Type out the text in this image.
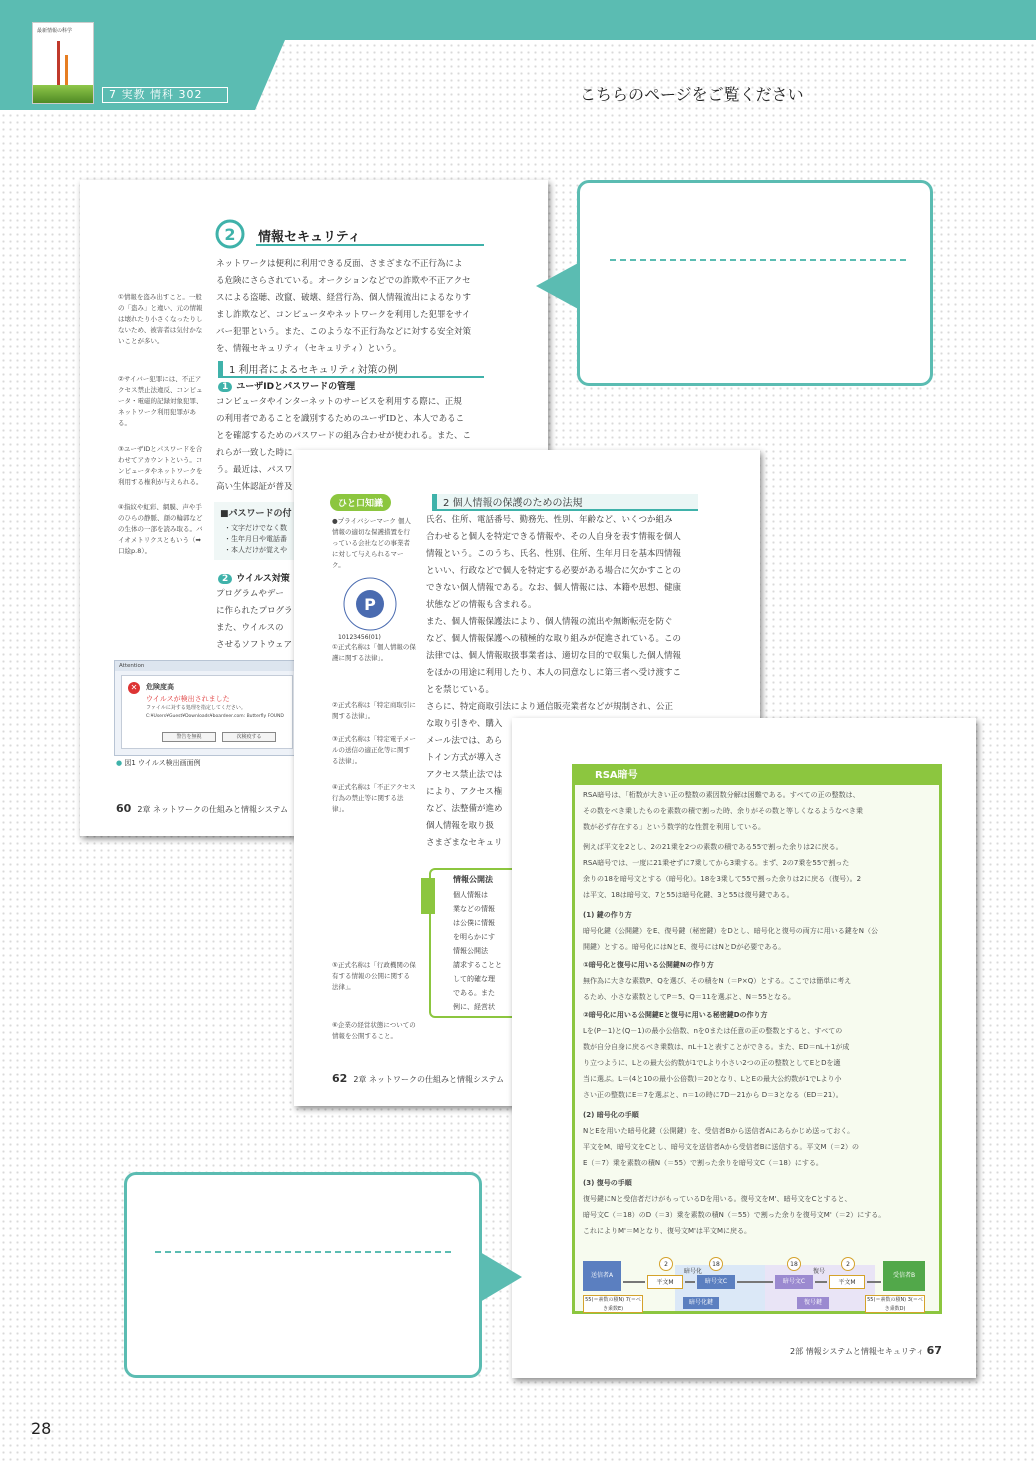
最新情報の科学
7 実教 情科 302	こちらのページをご覧ください
2 情報セキュリティ
ネットワークは便利に利用できる反面、さまざまな不正行為によ
る危険にさらされている。オークションなどでの詐欺や不正アクセ
スによる盗聴、改竄、破壊、経営行為、個人情報流出によるなりす
まし詐欺など、コンピュータやネットワークを利用した犯罪をサイ
バー犯罪という。また、このような不正行為などに対する安全対策
を、情報セキュリティ（セキュリティ）という。
1 利用者によるセキュリティ対策の例
1 ユーザIDとパスワードの管理
コンピュータやインターネットのサービスを利用する際に、正規
の利用者であることを識別するためのユーザIDと、本人であるこ
とを確認するためのパスワードの組み合わせが使われる。また、こ
れらが一致した時に
う。最近は、パスワ
高い生体認証が普及
■パスワードの付
・文字だけでなく数
・生年月日や電話番
・本人だけが覚えや
2 ウイルス対策
プログラムやデー
に作られたプログラ
また、ウイルスの
させるソフトウェア
①情報を盗み出すこと。一般の「盗み」と違い、元の情報は壊れたり小さくなったりしないため、被害者は気付かないことが多い。
②サイバー犯罪には、不正アクセス禁止法違反、コンピュータ・電磁的記録対象犯罪、ネットワーク利用犯罪がある。
③ユーザIDとパスワードを合わせてアカウントという。コンピュータやネットワークを利用する権利が与えられる。
④指紋や虹彩、網膜、声や手のひらの静脈、顔の輪郭などの生体の一部を読み取る。バイオメトリクスともいう（➡口絵p.8）。
Attention
✕	危険度高
ウイルスが検出されました
ファイルに対する処理を指定してください。
C:¥Users¥Guest¥Downloads¥boardeer.com: Butterfly FOUND
警告を無視	次検疫する
● 図1 ウイルス検出画面例
60 2章 ネットワークの仕組みと情報システム
ひと口知識
●プライバシーマーク 個人情報の適切な保護措置を行っている会社などの事業者に対して与えられるマーク。
P
10123456(01)
2 個人情報の保護のための法規
氏名、住所、電話番号、勤務先、性別、年齢など、いくつか組み
合わせると個人を特定できる情報や、その人自身を表す情報を個人
情報という。このうち、氏名、性別、住所、生年月日を基本四情報
といい、行政などで個人を特定する必要がある場合に欠かすことの
できない個人情報である。なお、個人情報には、本籍や思想、健康
状態などの情報も含まれる。
また、個人情報保護法により、個人情報の流出や無断転売を防ぐ
など、個人情報保護への積極的な取り組みが促進されている。この
法律では、個人情報取扱事業者は、適切な目的で収集した個人情報
をほかの用途に利用したり、本人の同意なしに第三者へ受け渡すこ
とを禁じている。
さらに、特定商取引法により通信販売業者などが規制され、公正
な取り引きや、購入
メール法では、あら
トイン方式が導入さ
アクセス禁止法では
により、アクセス権
など、法整備が進め
個人情報を取り扱
さまざまなセキュリ
①正式名称は「個人情報の保護に関する法律」。
②正式名称は「特定商取引に関する法律」。
③正式名称は「特定電子メールの送信の適正化等に関する法律」。
④正式名称は「不正アクセス行為の禁止等に関する法律」。
⑤正式名称は「行政機関の保有する情報の公開に関する法律」。
⑥企業の経営状態についての情報を公開すること。
情報公開法
個人情報は
業などの情報
は公僕に情報
を明らかにす
情報公開法
請求することと
して的確な理
である。また
例に、経営状
62 2章 ネットワークの仕組みと情報システム
RSA暗号
RSA暗号は、「桁数が大きい正の整数の素因数分解は困難である。すべての正の整数は、
その数をべき乗したものを素数の積で割った時、余りがその数と等しくなるようなべき乗
数が必ず存在する」という数学的な性質を利用している。
例えば平文を2とし、2の21乗を2つの素数の積である55で割った余りは2に戻る。
RSA暗号では、一度に21乗せずに7乗してから3乗する。まず、2の7乗を55で割った
余りの18を暗号文とする（暗号化）。18を3乗して55で割った余りは2に戻る（復号）。2
は平文、18は暗号文、7と55は暗号化鍵、3と55は復号鍵である。
(1) 鍵の作り方
暗号化鍵（公開鍵）をE、復号鍵（秘密鍵）をDとし、暗号化と復号の両方に用いる鍵をN（公
開鍵）とする。暗号化にはNとE、復号にはNとDが必要である。
①暗号化と復号に用いる公開鍵Nの作り方
無作為に大きな素数P、Qを選び、その積をN（＝P×Q）とする。ここでは簡単に考え
るため、小さな素数としてP＝5、Q＝11を選ぶと、N＝55となる。
②暗号化に用いる公開鍵Eと復号に用いる秘密鍵Dの作り方
Lを(P－1)と(Q－1)の最小公倍数、nを0または任意の正の整数とすると、すべての
数が自分自身に戻るべき乗数は、nL＋1と表すことができる。また、ED＝nL＋1が成
り立つように、Lとの最大公約数が1でLより小さい2つの正の整数としてEとDを適
当に選ぶ。L＝(4と10の最小公倍数)＝20となり、LとEの最大公約数が1でLより小
さい正の整数にE＝7を選ぶと、n＝1の時に7D－21から D＝3となる（ED＝21）。
(2) 暗号化の手順
NとEを用いた暗号化鍵（公開鍵）を、受信者Bから送信者Aにあらかじめ送っておく。
平文をM、暗号文をCとし、暗号文を送信者Aから受信者Bに送信する。平文M（＝2）の
E（＝7）乗を素数の積N（＝55）で割った余りを暗号文C（＝18）にする。
(3) 復号の手順
復号鍵にNと受信者だけがもっているDを用いる。復号文をM'、暗号文をCとすると、
暗号文C（＝18）のD（＝3）乗を素数の積N（＝55）で割った余りを復号文M'（＝2）にする。
これによりM'＝Mとなり、復号文M'は平文Mに戻る。
送信者A
平文M	暗号文C	暗号文C	平文M
受信者B
暗号化	復号
2	18	18	2
暗号化鍵	復号鍵
55(＝素数の積N) 7(＝べき乗数E)
55(＝素数の積N) 3(＝べき乗数D)
2部 情報システムと情報セキュリティ 67
28
